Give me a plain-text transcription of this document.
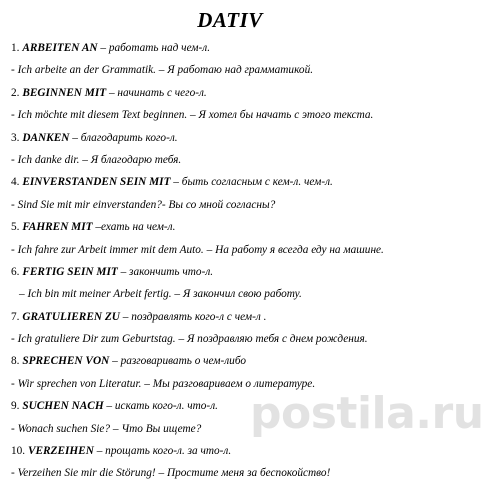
DATIV
1. ARBEITEN AN – работать над чем-л.
- Ich arbeite an der Grammatik. – Я работаю над грамматикой.
2. BEGINNEN MIT – начинать с чего-л.
- Ich möchte mit diesem Text beginnen. – Я хотел бы начать с этого текста.
3. DANKEN – благодарить кого-л.
- Ich danke dir. – Я благодарю тебя.
4. EINVERSTANDEN SEIN MIT – быть согласным с кем-л. чем-л.
- Sind Sie mit mir einverstanden?- Вы со мной согласны?
5. FAHREN MIT –ехать на чем-л.
- Ich fahre zur Arbeit immer mit dem Auto. – На работу я всегда еду на машине.
6. FERTIG SEIN MIT – закончить что-л.
– Ich bin mit meiner Arbeit fertig. – Я закончил свою работу.
7. GRATULIEREN ZU – поздравлять кого-л с чем-л .
- Ich gratuliere Dir zum Geburtstag. – Я поздравляю тебя с днем рождения.
8. SPRECHEN VON – разговаривать о чем-либо
- Wir sprechen von Literatur. – Мы разговариваем о литературе.
9. SUCHEN NACH – искать кого-л. что-л.
- Wonach suchen Sie? – Что Вы ищете?
10. VERZEIHEN – прощать кого-л. за что-л.
- Verzeihen Sie mir die Störung! – Простите меня за беспокойство!
postila.ru
